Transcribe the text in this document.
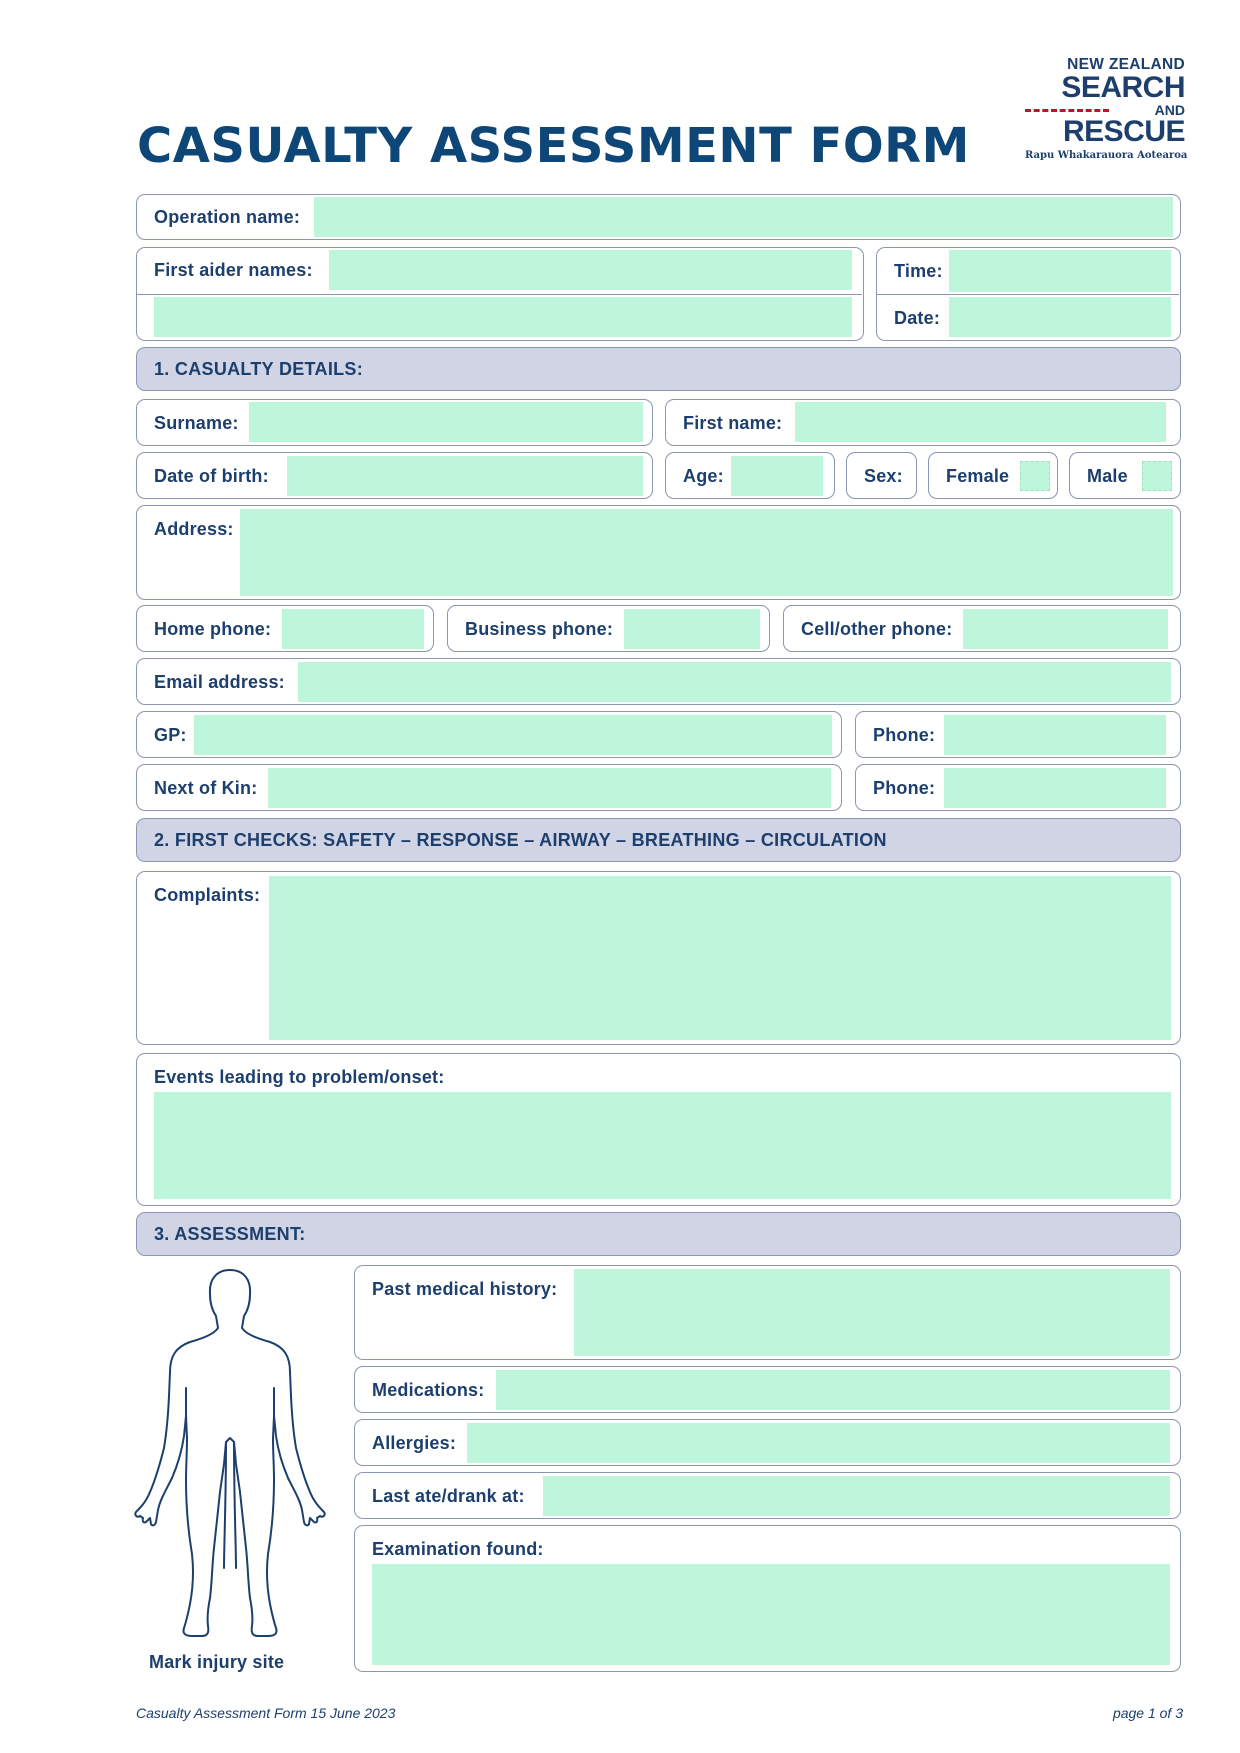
CASUALTY ASSESSMENT FORM
NEW ZEALAND
SEARCH
AND
RESCUE
Rapu Whakarauora Aotearoa
Operation name:
First aider names:	Time:
Date:
1. CASUALTY DETAILS:
Surname:	First name:
Date of birth:	Age:	Sex: Female	Male
Address:
Home phone:	Business phone:	Cell/other phone:
Email address:
GP:	Phone:
Next of Kin:	Phone:
2. FIRST CHECKS: SAFETY – RESPONSE – AIRWAY – BREATHING – CIRCULATION
Complaints:
Events leading to problem/onset:
3. ASSESSMENT:
Mark injury site
Past medical history:
Medications:
Allergies:
Last ate/drank at:
Examination found:
Casualty Assessment Form 15 June 2023	page 1 of 3
